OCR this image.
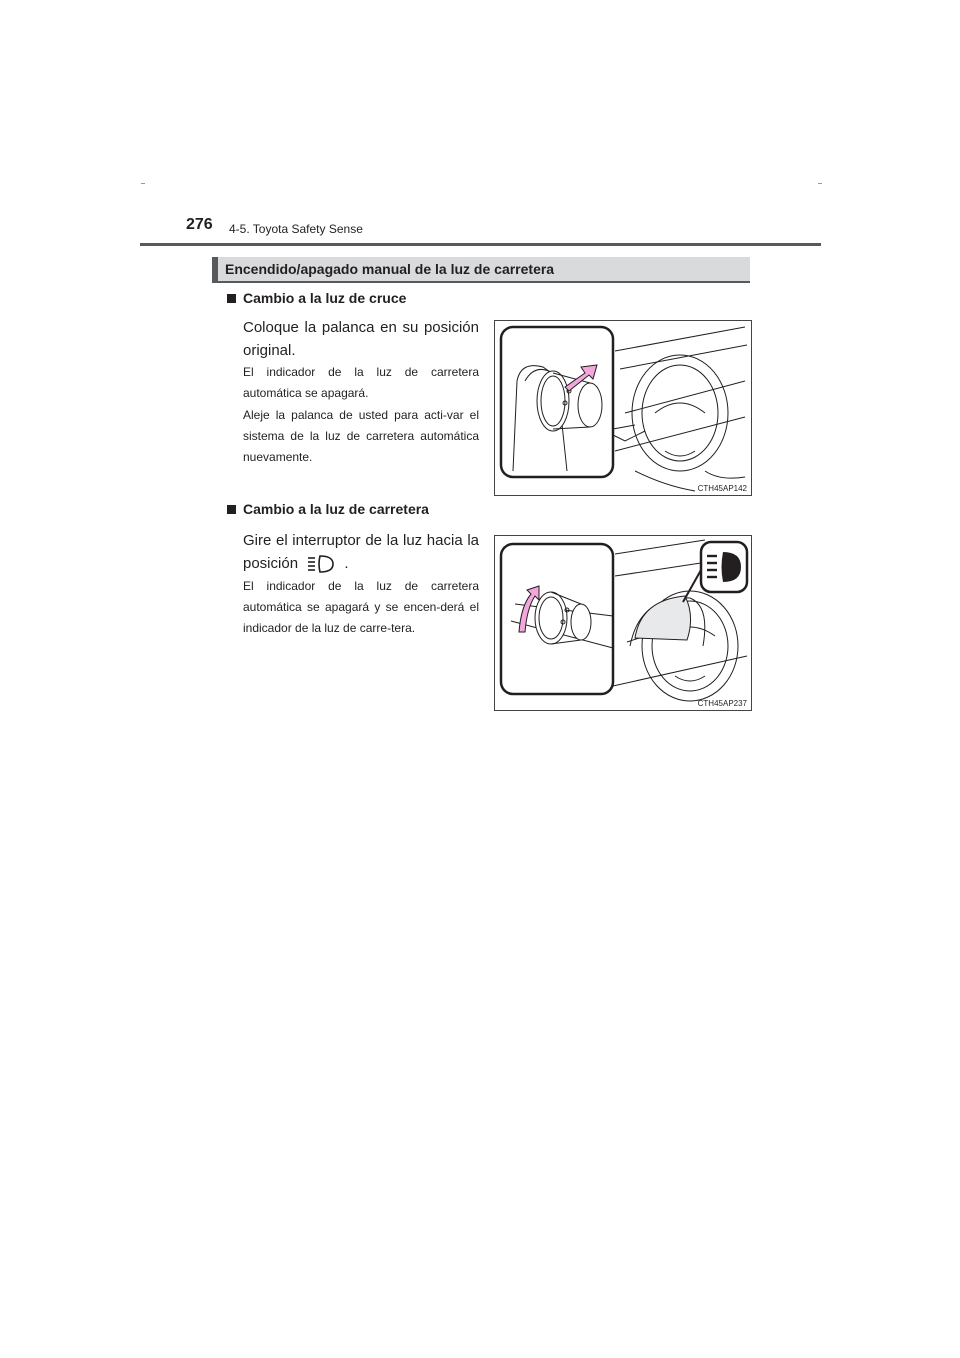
276 4-5. Toyota Safety Sense
Encendido/apagado manual de la luz de carretera
Cambio a la luz de cruce
Coloque la palanca en su posición original.
El indicador de la luz de carretera automática se apagará.
Aleje la palanca de usted para acti-var el sistema de la luz de carretera automática nuevamente.
CTH45AP142
Cambio a la luz de carretera
Gire el interruptor de la luz hacia la posición	.
El indicador de la luz de carretera automática se apagará y se encen-derá el indicador de la luz de carre-tera.
CTH45AP237
